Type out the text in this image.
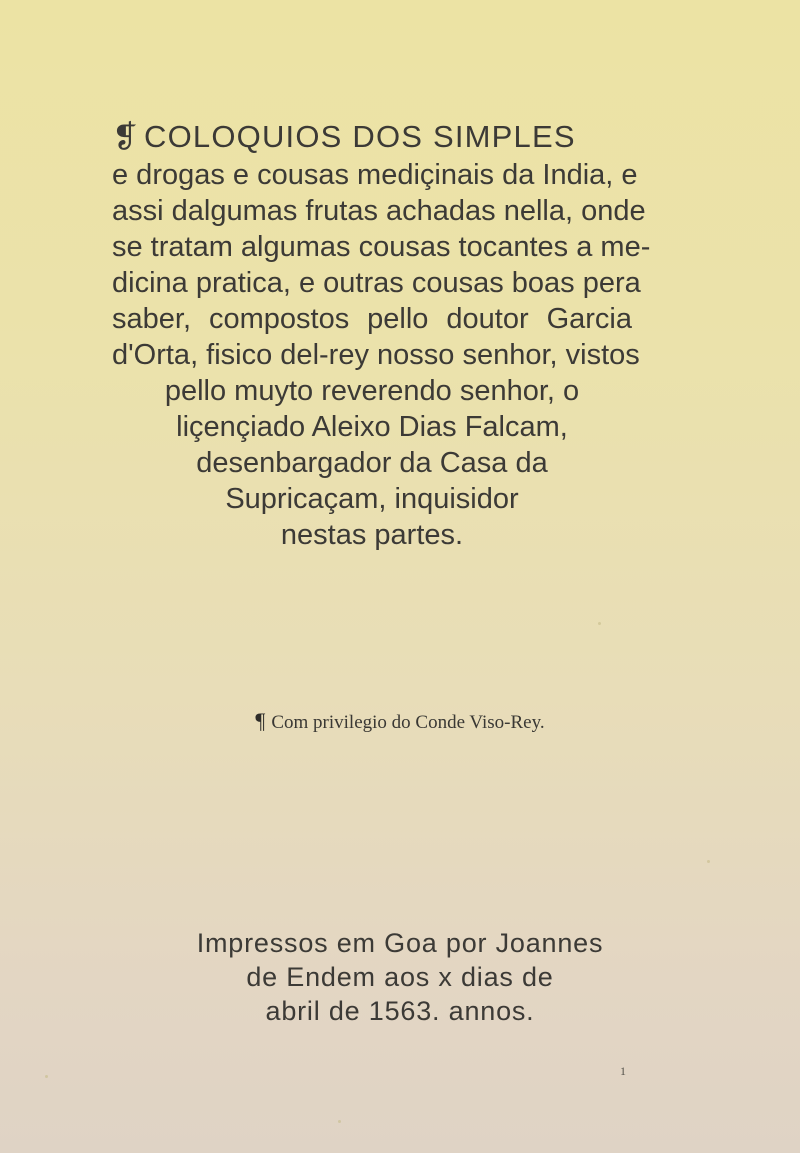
❡ COLOQUIOS DOS SIMPLES
e drogas e cousas mediçinais da India, e
assi dalgumas frutas achadas nella, onde
se tratam algumas cousas tocantes a me-
dicina pratica, e outras cousas boas pera
saber, compostos pello doutor Garcia
d'Orta, fisico del-rey nosso senhor, vistos
pello muyto reverendo senhor, o
liçençiado Aleixo Dias Falcam,
desenbargador da Casa da
Supricaçam, inquisidor
nestas partes.
¶ Com privilegio do Conde Viso-Rey.
Impressos em Goa por Joannes
de Endem aos x dias de
abril de 1563. annos.
1
